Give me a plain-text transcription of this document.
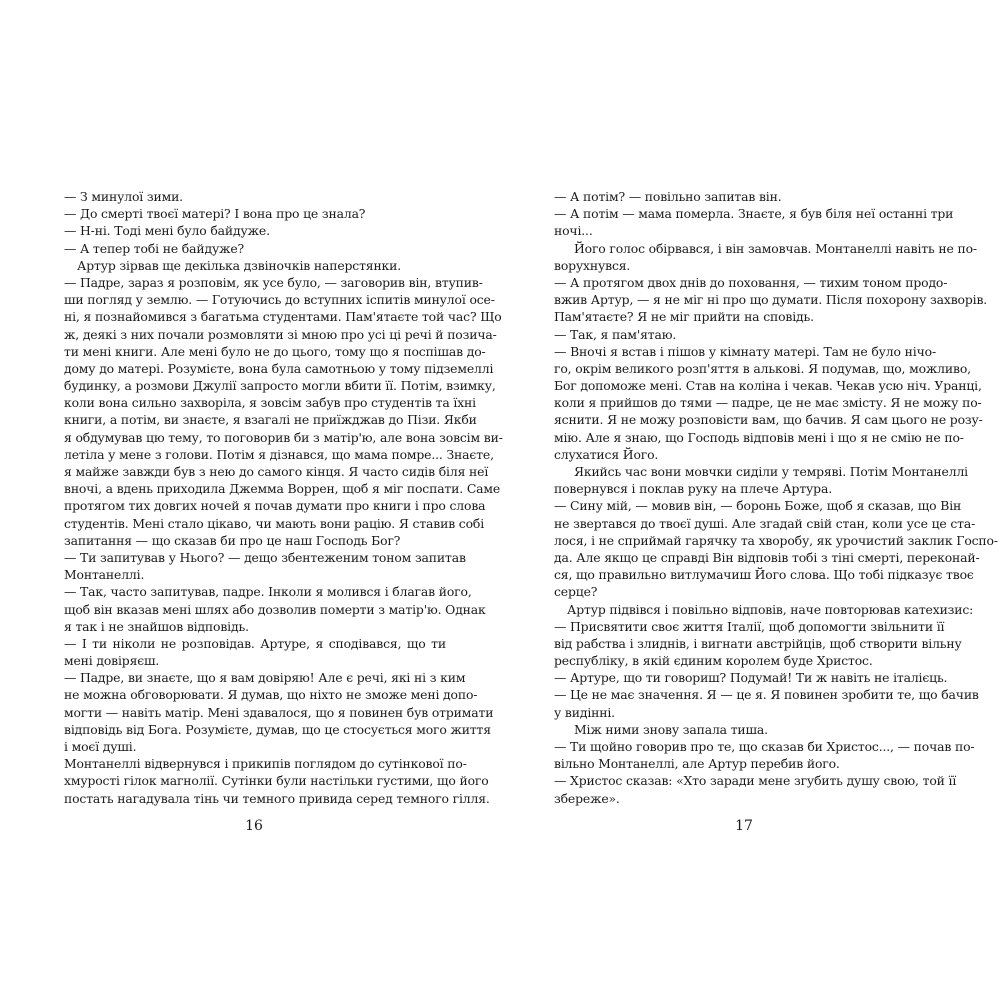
— З минулої зими.
— До смерті твоєї матері? І вона про це знала?
— Н-ні. Тоді мені було байдуже.
— А тепер тобі не байдуже?
Артур зірвав ще декілька дзвіночків наперстянки.
— Падре, зараз я розповім, як усе було, — заговорив він, втупив-
ши погляд у землю. — Готуючись до вступних іспитів минулої осе-
ні, я познайомився з багатьма студентами. Пам'ятаєте той час? Що
ж, деякі з них почали розмовляти зі мною про усі ці речі й позича-
ти мені книги. Але мені було не до цього, тому що я поспішав до-
дому до матері. Розумієте, вона була самотньою у тому підземеллі
будинку, а розмови Джулії запросто могли вбити її. Потім, взимку,
коли вона сильно захворіла, я зовсім забув про студентів та їхні
книги, а потім, ви знаєте, я взагалі не приїжджав до Пізи. Якби
я обдумував цю тему, то поговорив би з матір'ю, але вона зовсім ви-
летіла у мене з голови. Потім я дізнався, що мама помре... Знаєте,
я майже завжди був з нею до самого кінця. Я часто сидів біля неї
вночі, а вдень приходила Джемма Воррен, щоб я міг поспати. Саме
протягом тих довгих ночей я почав думати про книги і про слова
студентів. Мені стало цікаво, чи мають вони рацію. Я ставив собі
запитання — що сказав би про це наш Господь Бог?
— Ти запитував у Нього? — дещо збентеженим тоном запитав
Монтанеллі.
— Так, часто запитував, падре. Інколи я молився і благав його,
щоб він вказав мені шлях або дозволив померти з матір'ю. Однак
я так і не знайшов відповідь.
— І ти ніколи не розповідав. Артуре, я сподівався, що ти
мені довіряєш.
— Падре, ви знаєте, що я вам довіряю! Але є речі, які ні з ким
не можна обговорювати. Я думав, що ніхто не зможе мені допо-
могти — навіть матір. Мені здавалося, що я повинен був отримати
відповідь від Бога. Розумієте, думав, що це стосується мого життя
і моєї душі.
Монтанеллі відвернувся і прикипів поглядом до сутінкової по-
хмурості гілок магнолії. Сутінки були настільки густими, що його
постать нагадувала тінь чи темного привида серед темного гілля.
— А потім? — повільно запитав він.
— А потім — мама померла. Знаєте, я був біля неї останні три
ночі...
Його голос обірвався, і він замовчав. Монтанеллі навіть не по-
ворухнувся.
— А протягом двох днів до поховання, — тихим тоном продо-
вжив Артур, — я не міг ні про що думати. Після похорону захворів.
Пам'ятаєте? Я не міг прийти на сповідь.
— Так, я пам'ятаю.
— Вночі я встав і пішов у кімнату матері. Там не було нічо-
го, окрім великого розп'яття в алькові. Я подумав, що, можливо,
Бог допоможе мені. Став на коліна і чекав. Чекав усю ніч. Уранці,
коли я прийшов до тями — падре, це не має змісту. Я не можу по-
яснити. Я не можу розповісти вам, що бачив. Я сам цього не розу-
мію. Але я знаю, що Господь відповів мені і що я не смію не по-
слухатися Його.
Якийсь час вони мовчки сиділи у темряві. Потім Монтанеллі
повернувся і поклав руку на плече Артура.
— Сину мій, — мовив він, — боронь Боже, щоб я сказав, що Він
не звертався до твоєї душі. Але згадай свій стан, коли усе це ста-
лося, і не сприймай гарячку та хворобу, як урочистий заклик Госпо-
да. Але якщо це справді Він відповів тобі з тіні смерті, переконай-
ся, що правильно витлумачиш Його слова. Що тобі підказує твоє
серце?
Артур підвівся і повільно відповів, наче повторював катехизис:
— Присвятити своє життя Італії, щоб допомогти звільнити її
від рабства і злиднів, і вигнати австрійців, щоб створити вільну
республіку, в якій єдиним королем буде Христос.
— Артуре, що ти говориш? Подумай! Ти ж навіть не італієць.
— Це не має значення. Я — це я. Я повинен зробити те, що бачив
у видінні.
Між ними знову запала тиша.
— Ти щойно говорив про те, що сказав би Христос..., — почав по-
вільно Монтанеллі, але Артур перебив його.
— Христос сказав: «Хто заради мене згубить душу свою, той її
збереже».
16	17
